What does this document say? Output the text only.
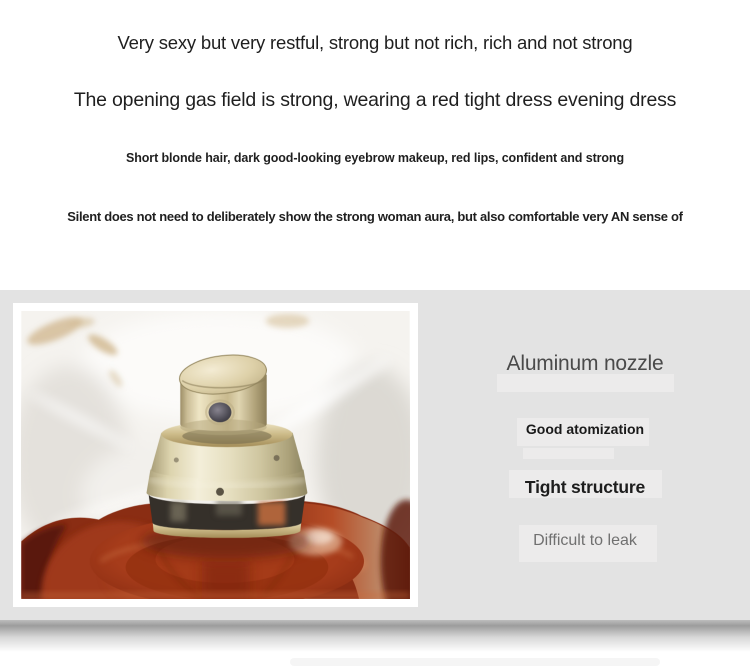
Very sexy but very restful, strong but not rich, rich and not strong
The opening gas field is strong, wearing a red tight dress evening dress
Short blonde hair, dark good-looking eyebrow makeup, red lips, confident and strong
Silent does not need to deliberately show the strong woman aura, but also comfortable very AN sense of
Aluminum nozzle
Good atomization
Tight structure
Difficult to leak
